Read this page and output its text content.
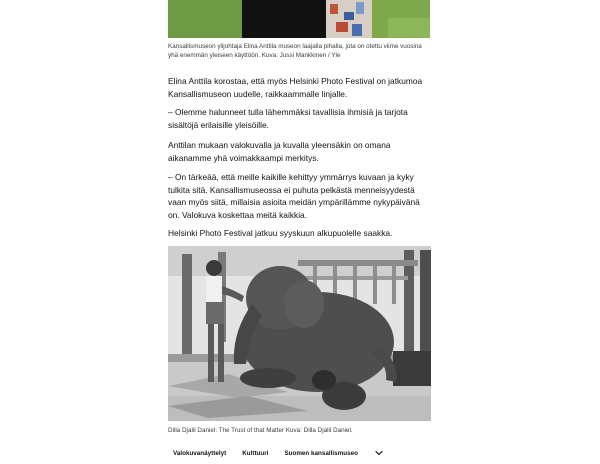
Kansallismuseon ylijohtaja Elina Anttila museon laajalla pihalla, jota on otettu viime vuosina yhä enemmän yleiseen käyttöön. Kuva: Jussi Mankkinen / Yle

Elina Anttila korostaa, että myös Helsinki Photo Festival on jatkumoa Kansallismuseon uudelle, raikkaammalle linjalle.

– Olemme halunneet tulla lähemmäksi tavallisia ihmisiä ja tarjota sisältöjä erilaisille yleisöille.

Anttilan mukaan valokuvalla ja kuvalla yleensäkin on omana aikanamme yhä voimakkaampi merkitys.

– On tärkeää, että meille kaikille kehittyy ymmärrys kuvaan ja kyky tulkita sitä. Kansallismuseossa ei puhuta pelkästä menneisyydestä vaan myös siitä, millaisia asioita meidän ympärillämme nykypäivänä on. Valokuva koskettaa meitä kaikkia.

Helsinki Photo Festival jatkuu syyskuun alkupuolelle saakka.

Dilla Djalil Daniel: The Trust of that Matter Kuva: Dilla Djalil Daniel.

Valokuvanäyttelyt	Kulttuuri	Suomen kansallismuseo
